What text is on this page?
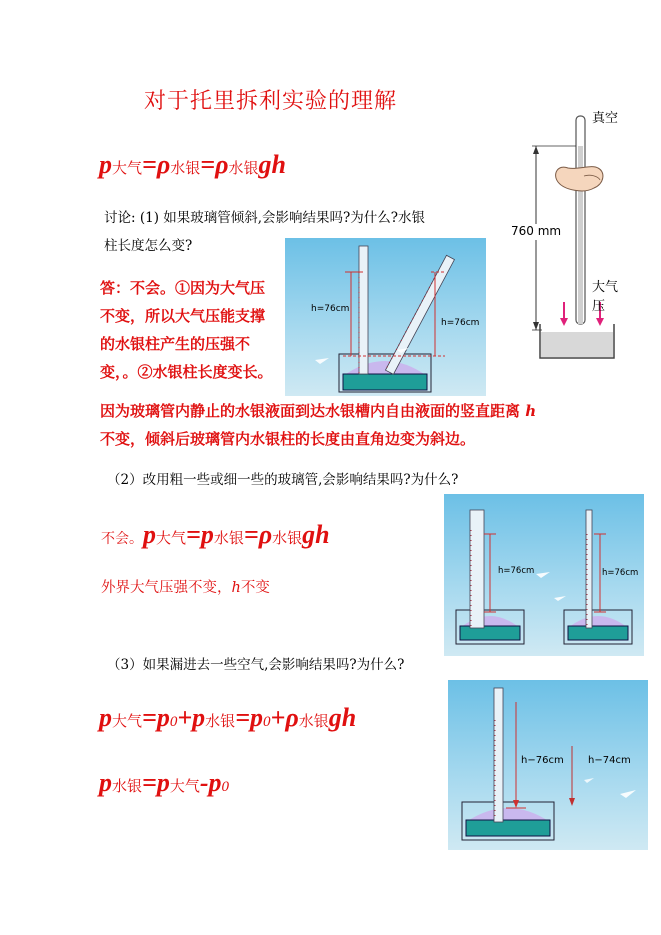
对于托里拆利实验的理解
p大气=ρ水银=ρ水银gh
真空
760 mm
大气压
讨论: (1) 如果玻璃管倾斜,会影响结果吗?为什么?水银
柱长度怎么变?
答：不会。①因为大气压
不变，所以大气压能支撑
的水银柱产生的压强不
变，。②水银柱长度变长。
因为玻璃管内静止的水银液面到达水银槽内自由液面的竖直距离 h
不变，倾斜后玻璃管内水银柱的长度由直角边变为斜边。
h=76cm
h=76cm
（2）改用粗一些或细一些的玻璃管,会影响结果吗?为什么?
不会。p大气=p水银=ρ水银gh
外界大气压强不变，h不变
h=76cm	h=76cm
（3）如果漏进去一些空气,会影响结果吗?为什么?
p大气=p0+p水银=p0+ρ水银gh
p水银=p大气-p0
h−76cm h−74cm
